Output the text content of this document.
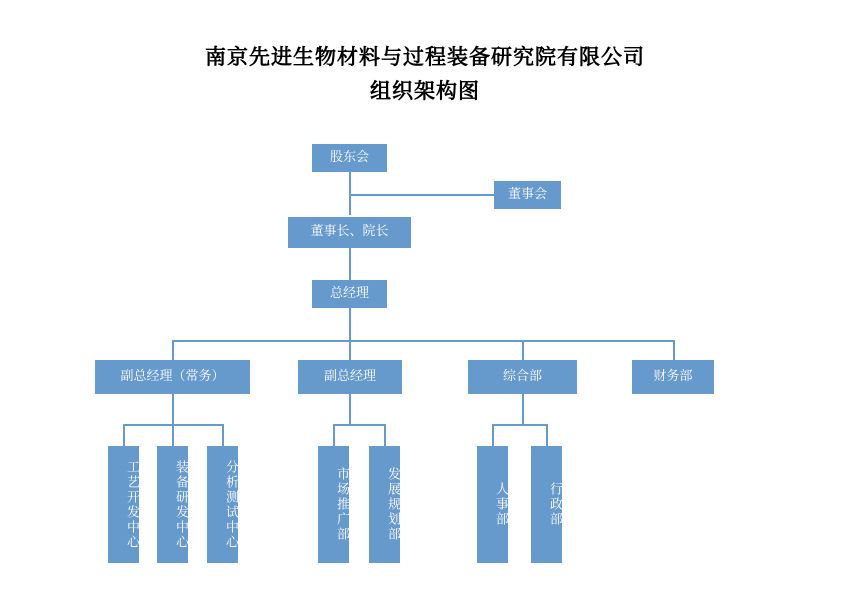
南京先进生物材料与过程装备研究院有限公司
组织架构图
股东会
董事会
董事长、院长
总经理
副总经理（常务）	副总经理	综合部	财务部
工艺开发中心	装备研发中心	分析测试中心	市场推广部	发展规划部	人事部	行政部
